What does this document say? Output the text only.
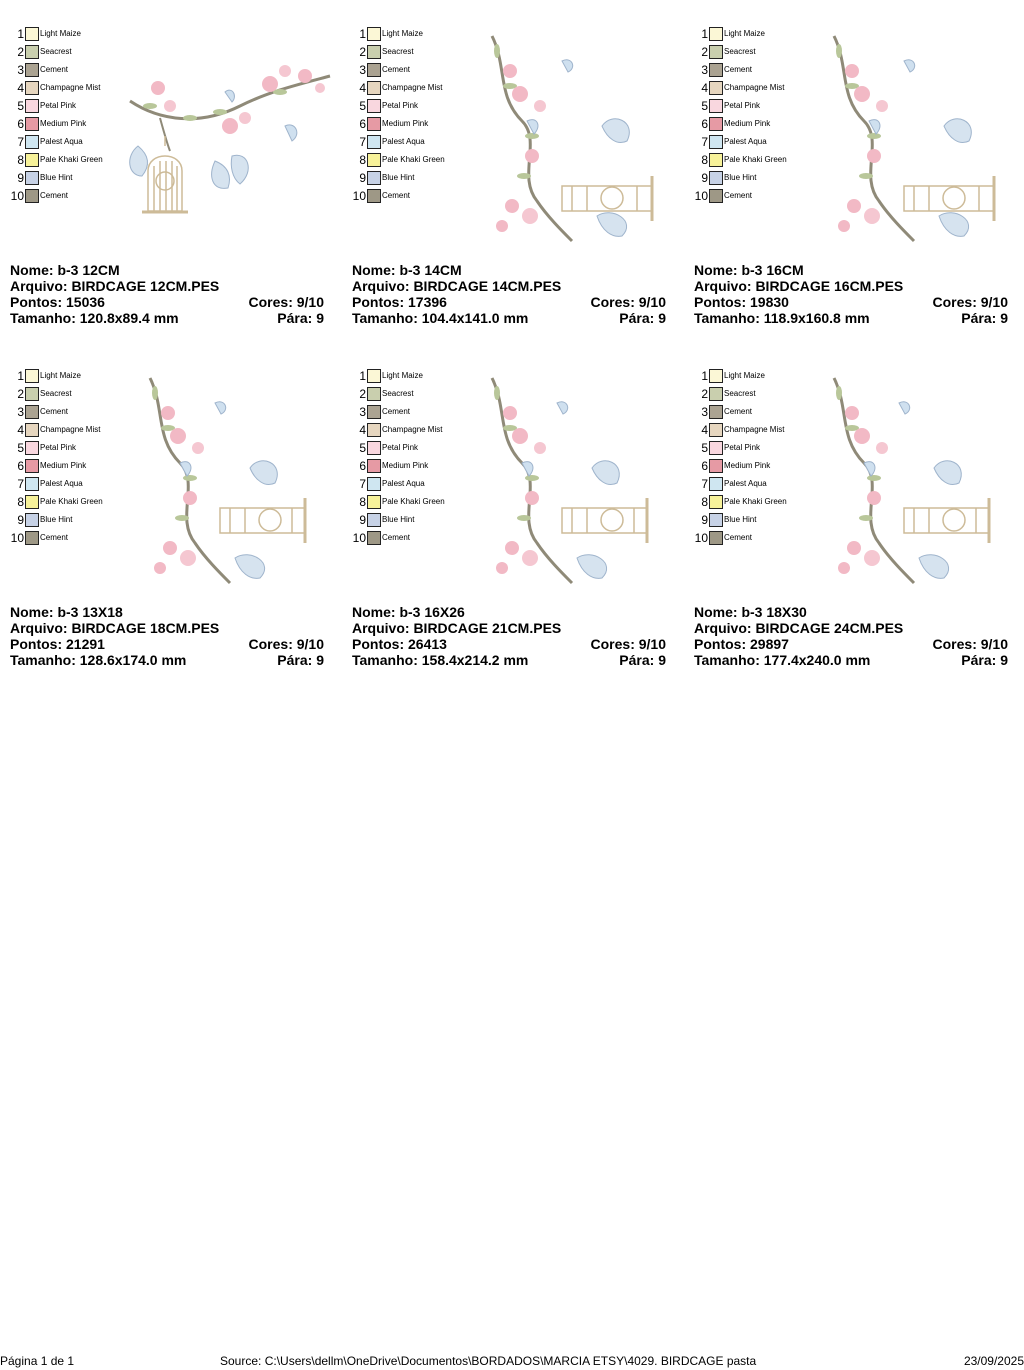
1 Light Maize
2 Seacrest
3 Cement
4 Champagne Mist
5 Petal Pink
6 Medium Pink
7 Palest Aqua
8 Pale Khaki Green
9 Blue Hint
10 Cement
Nome: b-3 12CM
Arquivo: BIRDCAGE 12CM.PES
Pontos: 15036	Cores: 9/10
Tamanho: 120.8x89.4 mm	Pára: 9
1 Light Maize
2 Seacrest
3 Cement
4 Champagne Mist
5 Petal Pink
6 Medium Pink
7 Palest Aqua
8 Pale Khaki Green
9 Blue Hint
10 Cement
Nome: b-3 14CM
Arquivo: BIRDCAGE 14CM.PES
Pontos: 17396	Cores: 9/10
Tamanho: 104.4x141.0 mm	Pára: 9
1 Light Maize
2 Seacrest
3 Cement
4 Champagne Mist
5 Petal Pink
6 Medium Pink
7 Palest Aqua
8 Pale Khaki Green
9 Blue Hint
10 Cement
Nome: b-3 16CM
Arquivo: BIRDCAGE 16CM.PES
Pontos: 19830	Cores: 9/10
Tamanho: 118.9x160.8 mm	Pára: 9
1 Light Maize
2 Seacrest
3 Cement
4 Champagne Mist
5 Petal Pink
6 Medium Pink
7 Palest Aqua
8 Pale Khaki Green
9 Blue Hint
10 Cement
Nome: b-3 13X18
Arquivo: BIRDCAGE 18CM.PES
Pontos: 21291	Cores: 9/10
Tamanho: 128.6x174.0 mm	Pára: 9
1 Light Maize
2 Seacrest
3 Cement
4 Champagne Mist
5 Petal Pink
6 Medium Pink
7 Palest Aqua
8 Pale Khaki Green
9 Blue Hint
10 Cement
Nome: b-3 16X26
Arquivo: BIRDCAGE 21CM.PES
Pontos: 26413	Cores: 9/10
Tamanho: 158.4x214.2 mm	Pára: 9
1 Light Maize
2 Seacrest
3 Cement
4 Champagne Mist
5 Petal Pink
6 Medium Pink
7 Palest Aqua
8 Pale Khaki Green
9 Blue Hint
10 Cement
Nome: b-3 18X30
Arquivo: BIRDCAGE 24CM.PES
Pontos: 29897	Cores: 9/10
Tamanho: 177.4x240.0 mm	Pára: 9
Página 1 de 1	Source: C:\Users\dellm\OneDrive\Documentos\BORDADOS\MARCIA ETSY\4029. BIRDCAGE pasta	23/09/2025
